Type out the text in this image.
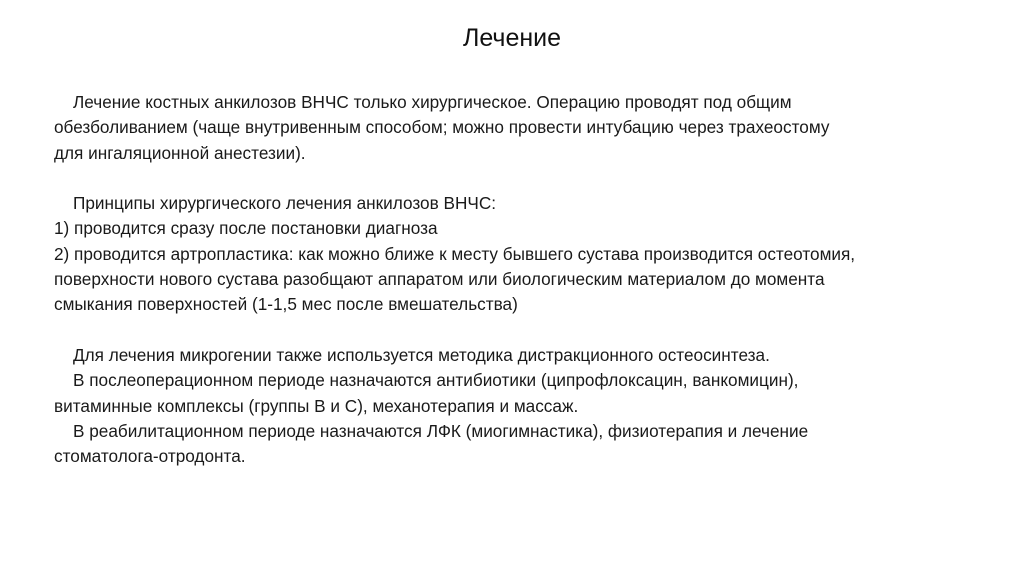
Лечение
Лечение костных анкилозов ВНЧС только хирургическое. Операцию проводят под общим
обезболиванием (чаще внутривенным способом; можно провести интубацию через трахеостому
для ингаляционной анестезии).
Принципы хирургического лечения анкилозов ВНЧС:
1) проводится сразу после постановки диагноза
2) проводится артропластика: как можно ближе к месту бывшего сустава производится остеотомия,
поверхности нового сустава разобщают аппаратом или биологическим материалом до момента
смыкания поверхностей (1-1,5 мес после вмешательства)
Для лечения микрогении также используется методика дистракционного остеосинтеза.
В послеоперационном периоде назначаются антибиотики (ципрофлоксацин, ванкомицин),
витаминные комплексы (группы В и С), механотерапия и массаж.
В реабилитационном периоде назначаются ЛФК (миогимнастика), физиотерапия и лечение
стоматолога-отродонта.
